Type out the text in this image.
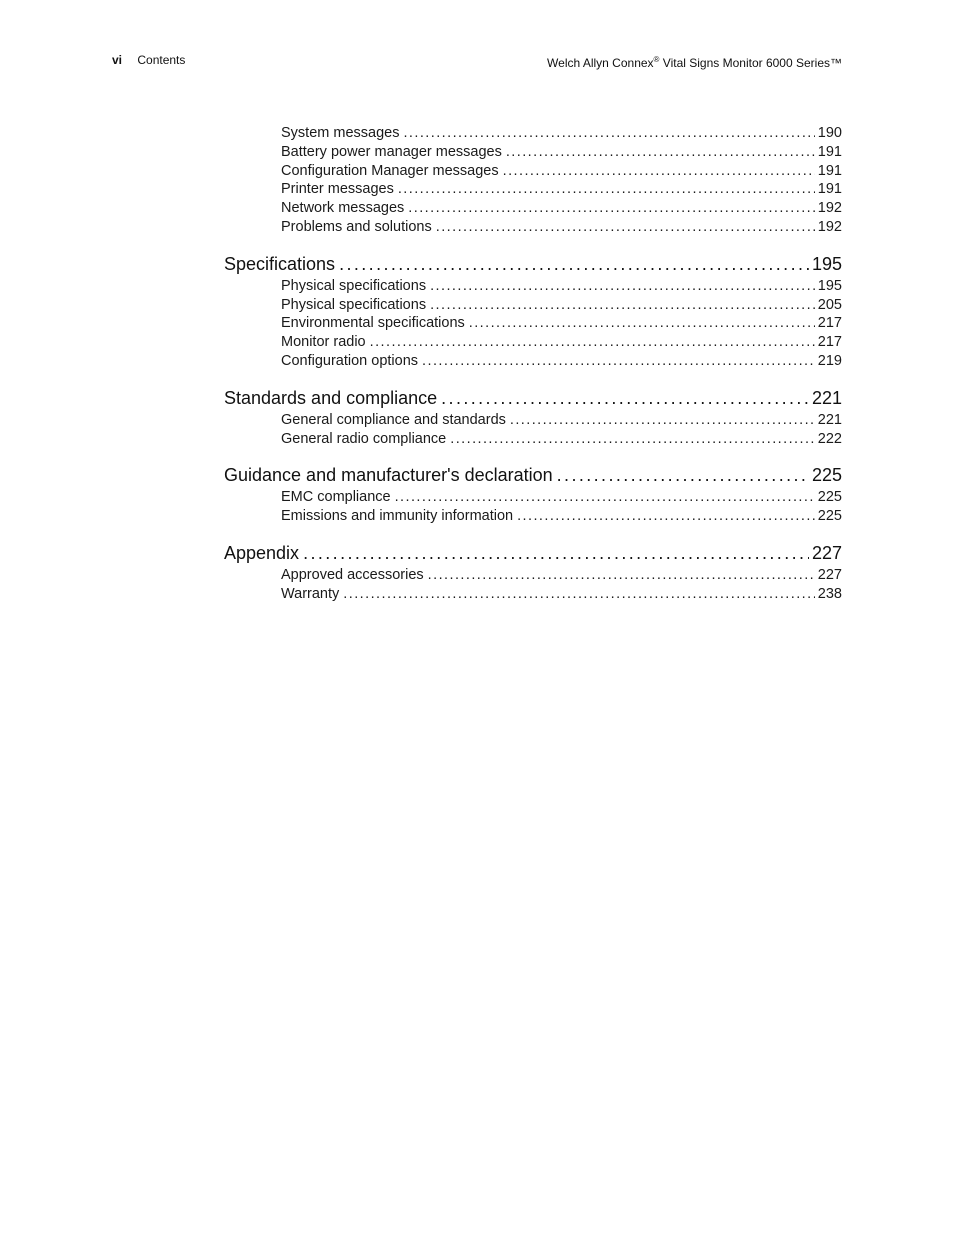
vi Contents	Welch Allyn Connex® Vital Signs Monitor 6000 Series™
System messages . . .	190
Battery power manager messages . . .	191
Configuration Manager messages . . .	191
Printer messages . . .	191
Network messages . . .	192
Problems and solutions . . .	192
Specifications . . .	195
Physical specifications . . .	195
Physical specifications . . .	205
Environmental specifications . . .	217
Monitor radio . . .	217
Configuration options . . .	219
Standards and compliance . . .	221
General compliance and standards . . .	221
General radio compliance . . .	222
Guidance and manufacturer's declaration . . .	225
EMC compliance . . .	225
Emissions and immunity information . . .	225
Appendix . . .	227
Approved accessories . . .	227
Warranty . . .	238
